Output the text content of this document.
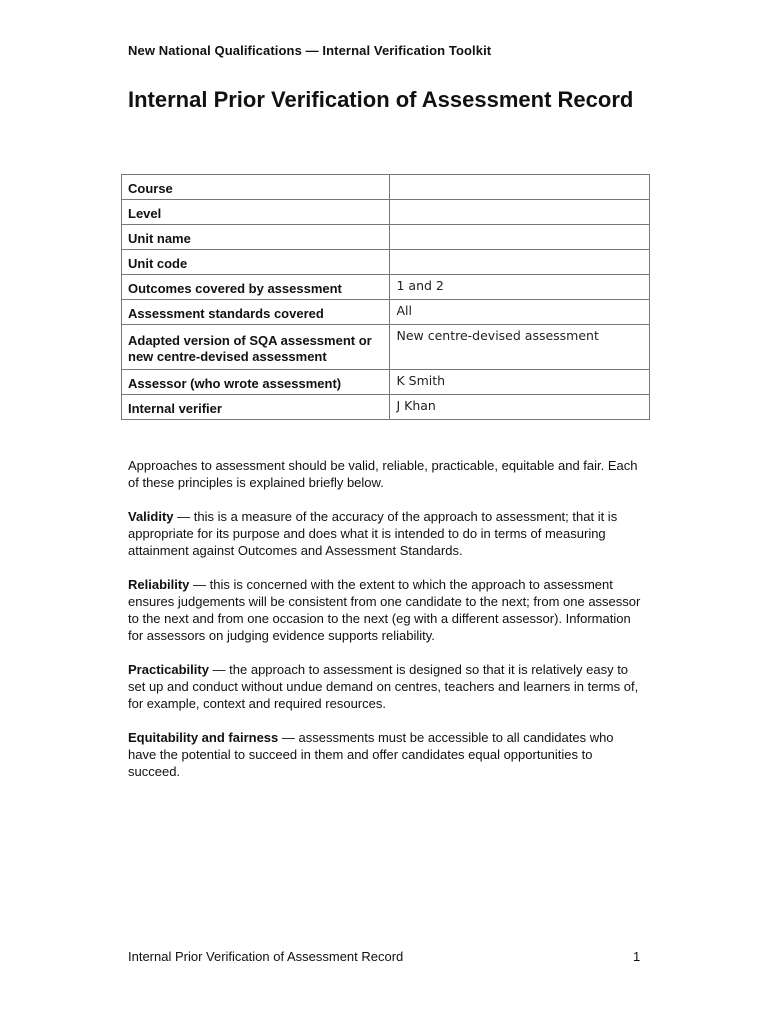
New National Qualifications — Internal Verification Toolkit
Internal Prior Verification of Assessment Record
Course	
Level	
Unit name	
Unit code	
Outcomes covered by assessment	1 and 2
Assessment standards covered	All
Adapted version of SQA assessment or new centre-devised assessment	New centre-devised assessment
Assessor (who wrote assessment)	K Smith
Internal verifier	J Khan

Approaches to assessment should be valid, reliable, practicable, equitable and fair. Each of these principles is explained briefly below.

Validity — this is a measure of the accuracy of the approach to assessment; that it is appropriate for its purpose and does what it is intended to do in terms of measuring attainment against Outcomes and Assessment Standards.

Reliability — this is concerned with the extent to which the approach to assessment ensures judgements will be consistent from one candidate to the next; from one assessor to the next and from one occasion to the next (eg with a different assessor). Information for assessors on judging evidence supports reliability.

Practicability — the approach to assessment is designed so that it is relatively easy to set up and conduct without undue demand on centres, teachers and learners in terms of, for example, context and required resources.

Equitability and fairness — assessments must be accessible to all candidates who have the potential to succeed in them and offer candidates equal opportunities to succeed.

Internal Prior Verification of Assessment Record	1
